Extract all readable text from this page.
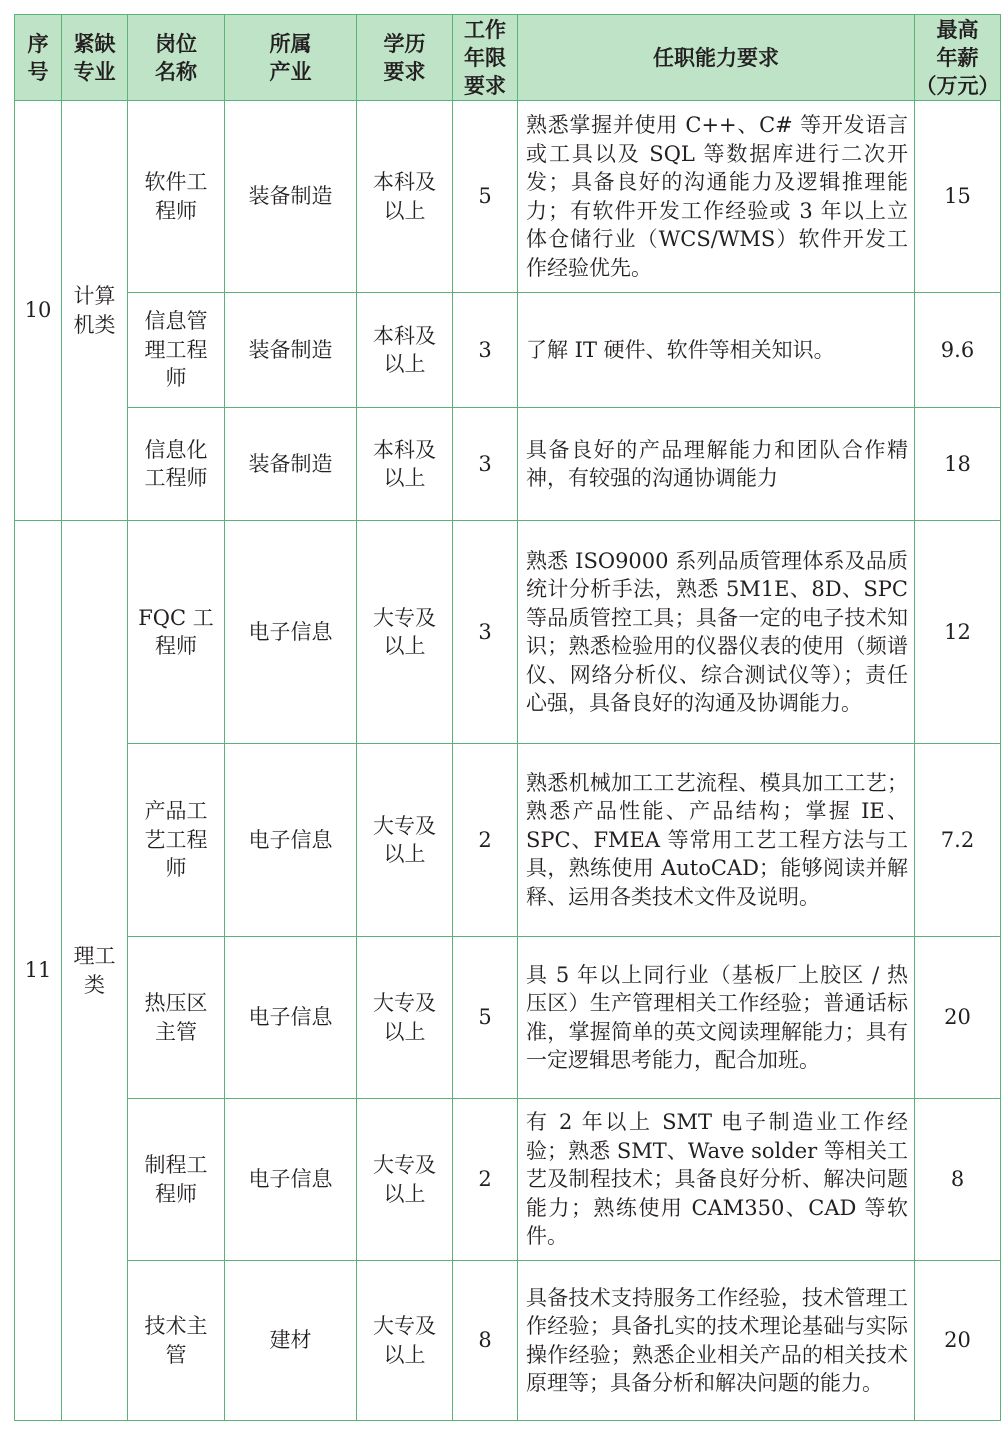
序
号	紧缺
专业	岗位
名称	所属
产业	学历
要求	工作
年限
要求	任职能力要求	最高
年薪
（万元）
10	计算
机类	软件工
程师	装备制造	本科及
以上	5	熟悉掌握并使用 C++、C# 等开发语言或工具以及 SQL 等数据库进行二次开发；具备良好的沟通能力及逻辑推理能力；有软件开发工作经验或 3 年以上立体仓储行业（WCS/WMS）软件开发工作经验优先。	15
		信息管
理工程
师	装备制造	本科及
以上	3	了解 IT 硬件、软件等相关知识。	9.6
		信息化
工程师	装备制造	本科及
以上	3	具备良好的产品理解能力和团队合作精神，有较强的沟通协调能力	18
11	理工
类	FQC 工
程师	电子信息	大专及
以上	3	熟悉 ISO9000 系列品质管理体系及品质统计分析手法，熟悉 5M1E、8D、SPC 等品质管控工具；具备一定的电子技术知识；熟悉检验用的仪器仪表的使用（频谱仪、网络分析仪、综合测试仪等）；责任心强，具备良好的沟通及协调能力。	12
		产品工
艺工程
师	电子信息	大专及
以上	2	熟悉机械加工工艺流程、模具加工工艺；熟悉产品性能、产品结构；掌握 IE、SPC、FMEA 等常用工艺工程方法与工具，熟练使用 AutoCAD；能够阅读并解释、运用各类技术文件及说明。	7.2
		热压区
主管	电子信息	大专及
以上	5	具 5 年以上同行业（基板厂上胶区 / 热压区）生产管理相关工作经验；普通话标准，掌握简单的英文阅读理解能力；具有一定逻辑思考能力，配合加班。	20
		制程工
程师	电子信息	大专及
以上	2	有 2 年以上 SMT 电子制造业工作经验；熟悉 SMT、Wave solder 等相关工艺及制程技术；具备良好分析、解决问题能力；熟练使用 CAM350、CAD 等软件。	8
		技术主
管	建材	大专及
以上	8	具备技术支持服务工作经验，技术管理工作经验；具备扎实的技术理论基础与实际操作经验；熟悉企业相关产品的相关技术原理等；具备分析和解决问题的能力。	20
